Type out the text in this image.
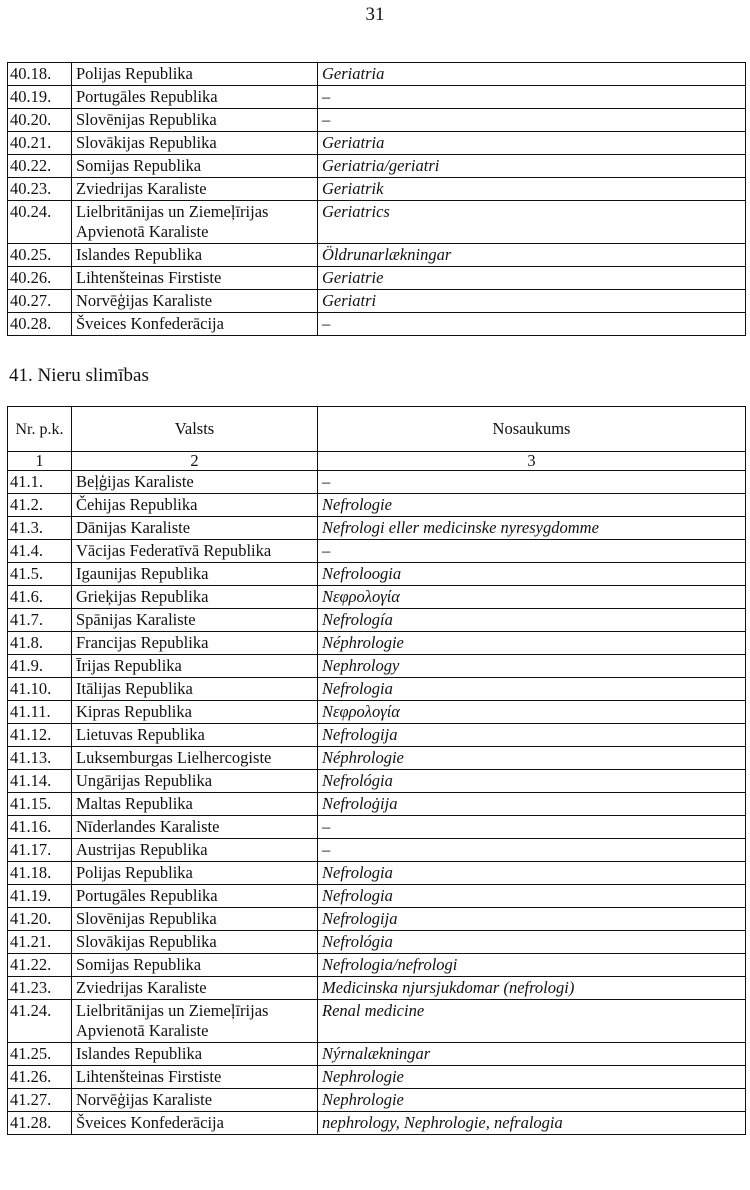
31
40.18.	Polijas Republika	Geriatria
40.19.	Portugāles Republika	–
40.20.	Slovēnijas Republika	–
40.21.	Slovākijas Republika	Geriatria
40.22.	Somijas Republika	Geriatria/geriatri
40.23.	Zviedrijas Karaliste	Geriatrik
40.24.	Lielbritānijas un Ziemeļīrijas Apvienotā Karaliste	Geriatrics
40.25.	Islandes Republika	Öldrunarlækningar
40.26.	Lihtenšteinas Firstiste	Geriatrie
40.27.	Norvēģijas Karaliste	Geriatri
40.28.	Šveices Konfederācija	–
41. Nieru slimības
Nr. p.k.	Valsts	Nosaukums
1	2	3
41.1.	Beļģijas Karaliste	–
41.2.	Čehijas Republika	Nefrologie
41.3.	Dānijas Karaliste	Nefrologi eller medicinske nyresygdomme
41.4.	Vācijas Federatīvā Republika	–
41.5.	Igaunijas Republika	Nefroloogia
41.6.	Grieķijas Republika	Νεφρολογία
41.7.	Spānijas Karaliste	Nefrología
41.8.	Francijas Republika	Néphrologie
41.9.	Īrijas Republika	Nephrology
41.10.	Itālijas Republika	Nefrologia
41.11.	Kipras Republika	Νεφρολογία
41.12.	Lietuvas Republika	Nefrologija
41.13.	Luksemburgas Lielhercogiste	Néphrologie
41.14.	Ungārijas Republika	Nefrológia
41.15.	Maltas Republika	Nefroloġija
41.16.	Nīderlandes Karaliste	–
41.17.	Austrijas Republika	–
41.18.	Polijas Republika	Nefrologia
41.19.	Portugāles Republika	Nefrologia
41.20.	Slovēnijas Republika	Nefrologija
41.21.	Slovākijas Republika	Nefrológia
41.22.	Somijas Republika	Nefrologia/nefrologi
41.23.	Zviedrijas Karaliste	Medicinska njursjukdomar (nefrologi)
41.24.	Lielbritānijas un Ziemeļīrijas Apvienotā Karaliste	Renal medicine
41.25.	Islandes Republika	Nýrnalækningar
41.26.	Lihtenšteinas Firstiste	Nephrologie
41.27.	Norvēģijas Karaliste	Nephrologie
41.28.	Šveices Konfederācija	nephrology, Nephrologie, nefralogia
